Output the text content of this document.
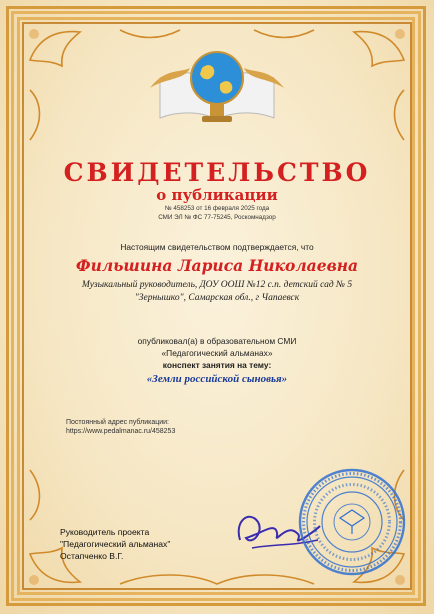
СВИДЕТЕЛЬСТВО
о публикации
№ 458253 от 16 февраля 2025 года
СМИ ЭЛ № ФС 77-75245, Роскомнадзор
Настоящим свидетельством подтверждается, что
Фильшина Лариса Николаевна
Музыкальный руководитель, ДОУ ООШ №12 с.п. детский сад № 5
"Зернышко", Самарская обл., г Чапаевск
опубликовал(а) в образовательном СМИ
«Педагогический альманах»
конспект занятия на тему:
«Земли российской сыновья»
Постоянный адрес публикации:
https://www.pedalmanac.ru/458253
Руководитель проекта
"Педагогический альманах"
Остапченко В.Г.
